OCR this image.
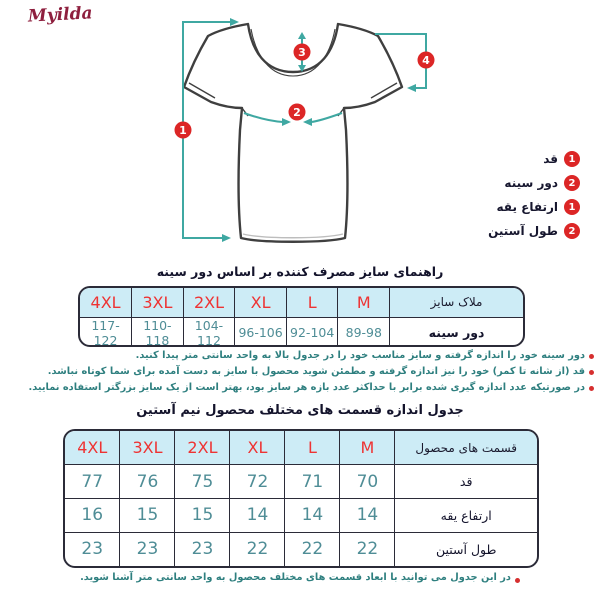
Myilda
1
2
3
4
1
قد
2
دور سینه
1
ارتفاع یقه
2
طول آستین
راهنمای سایز مصرف کننده بر اساس دور سینه
4XL	3XL	2XL	XL	L	M	ملاک سایز
117-122	110-118	104-112	96-106	92-104	89-98	دور سینه
دور سینه خود را اندازه گرفته و سایز مناسب خود را در جدول بالا به واحد سانتی متر پیدا کنید.
قد (از شانه تا کمر) خود را نیز اندازه گرفته و مطمئن شوید محصول با سایز به دست آمده برای شما کوتاه نباشد.
در صورتیکه عدد اندازه گیری شده برابر با حداکثر عدد بازه هر سایز بود، بهتر است از یک سایز بزرگتر استفاده نمایید.
جدول اندازه قسمت های مختلف محصول نیم آستین
4XL	3XL	2XL	XL	L	M	قسمت های محصول
77	76	75	72	71	70	قد
16	15	15	14	14	14	ارتفاع یقه
23	23	23	22	22	22	طول آستین
در این جدول می توانید با ابعاد قسمت های مختلف محصول به واحد سانتی متر آشنا شوید.
